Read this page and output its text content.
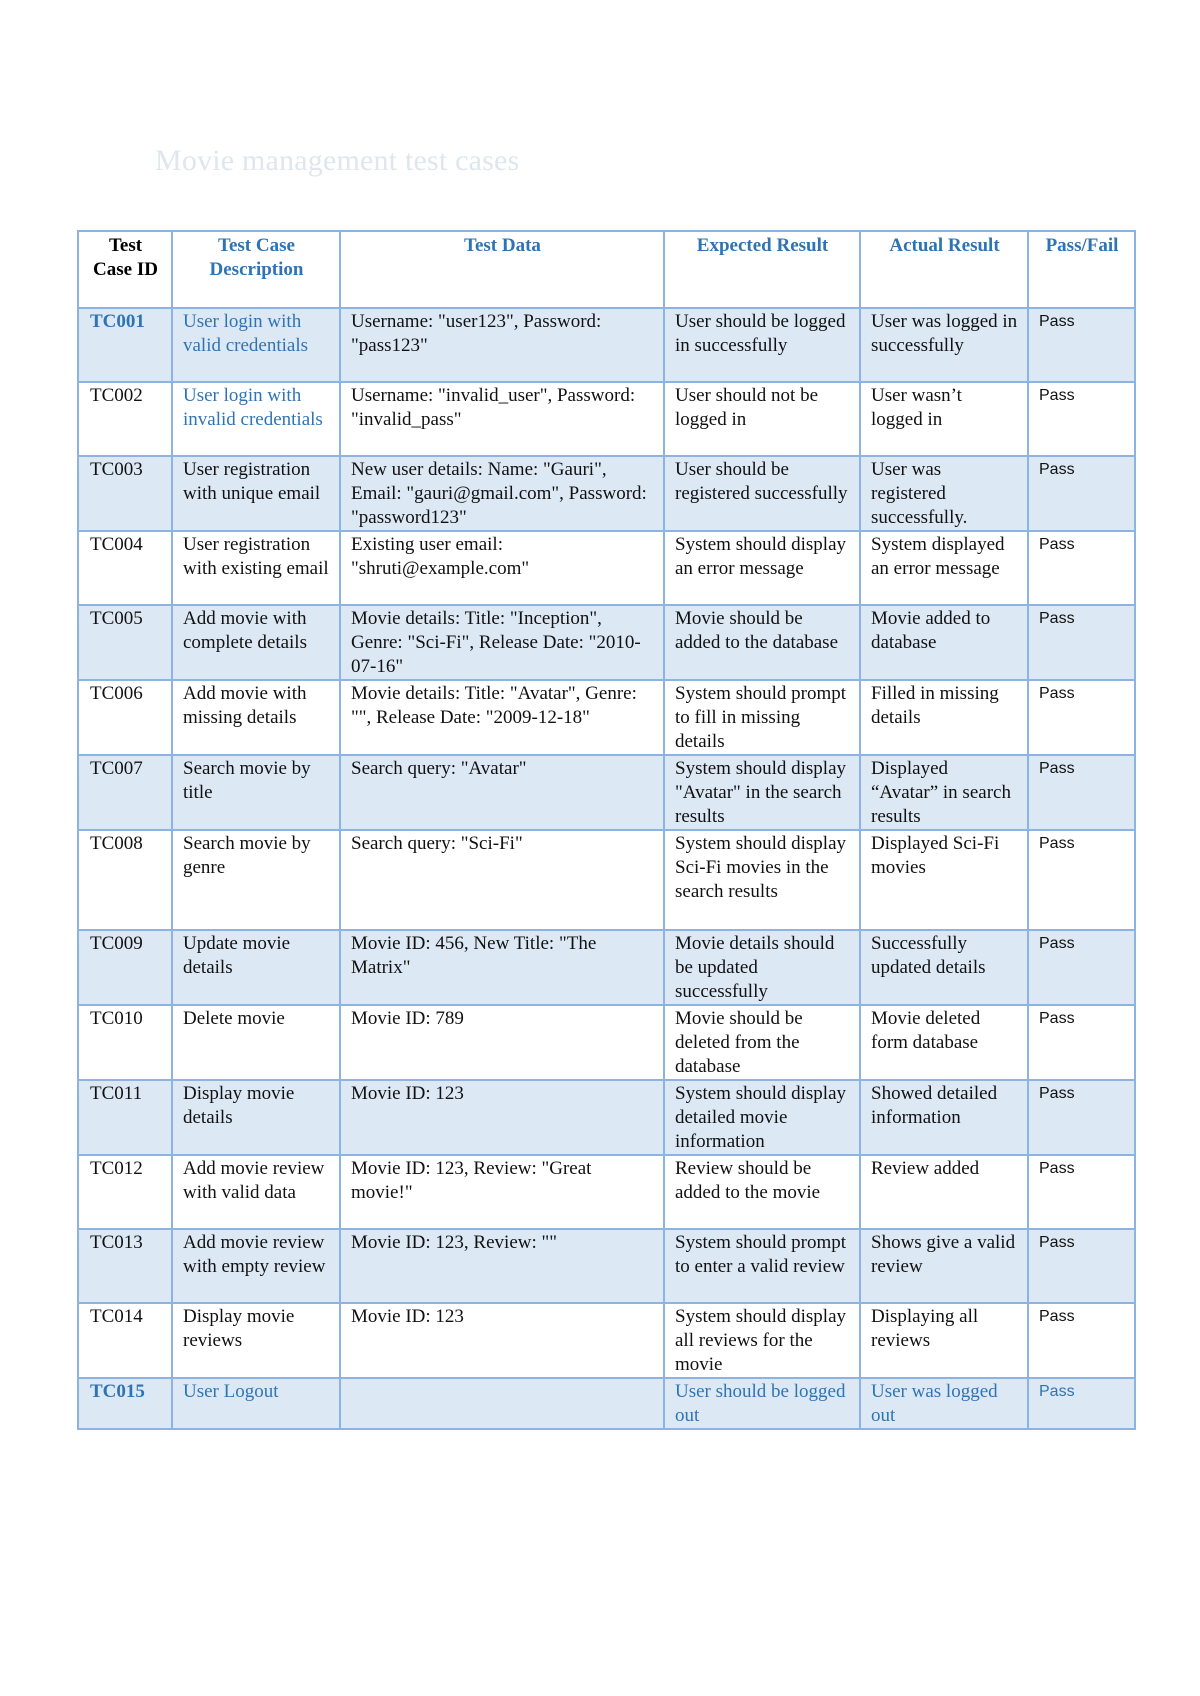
Movie management test cases
Test Case ID	Test Case Description	Test Data	Expected Result	Actual Result	Pass/Fail
TC001	User login with valid credentials	Username: "user123", Password: "pass123"	User should be logged in successfully	User was logged in successfully	Pass
TC002	User login with invalid credentials	Username: "invalid_user", Password: "invalid_pass"	User should not be logged in	User wasn’t logged in	Pass
TC003	User registration with unique email	New user details: Name: "Gauri", Email: "gauri@gmail.com", Password: "password123"	User should be registered successfully	User was registered successfully.	Pass
TC004	User registration with existing email	Existing user email: "shruti@example.com"	System should display an error message	System displayed an error message	Pass
TC005	Add movie with complete details	Movie details: Title: "Inception", Genre: "Sci-Fi", Release Date: "2010-07-16"	Movie should be added to the database	Movie added to database	Pass
TC006	Add movie with missing details	Movie details: Title: "Avatar", Genre: "", Release Date: "2009-12-18"	System should prompt to fill in missing details	Filled in missing details	Pass
TC007	Search movie by title	Search query: "Avatar"	System should display "Avatar" in the search results	Displayed “Avatar” in search results	Pass
TC008	Search movie by genre	Search query: "Sci-Fi"	System should display Sci-Fi movies in the search results	Displayed Sci-Fi movies	Pass
TC009	Update movie details	Movie ID: 456, New Title: "The Matrix"	Movie details should be updated successfully	Successfully updated details	Pass
TC010	Delete movie	Movie ID: 789	Movie should be deleted from the database	Movie deleted form database	Pass
TC011	Display movie details	Movie ID: 123	System should display detailed movie information	Showed detailed information	Pass
TC012	Add movie review with valid data	Movie ID: 123, Review: "Great movie!"	Review should be added to the movie	Review added	Pass
TC013	Add movie review with empty review	Movie ID: 123, Review: ""	System should prompt to enter a valid review	Shows give a valid review	Pass
TC014	Display movie reviews	Movie ID: 123	System should display all reviews for the movie	Displaying all reviews	Pass
TC015	User Logout		User should be logged out	User was logged out	Pass
